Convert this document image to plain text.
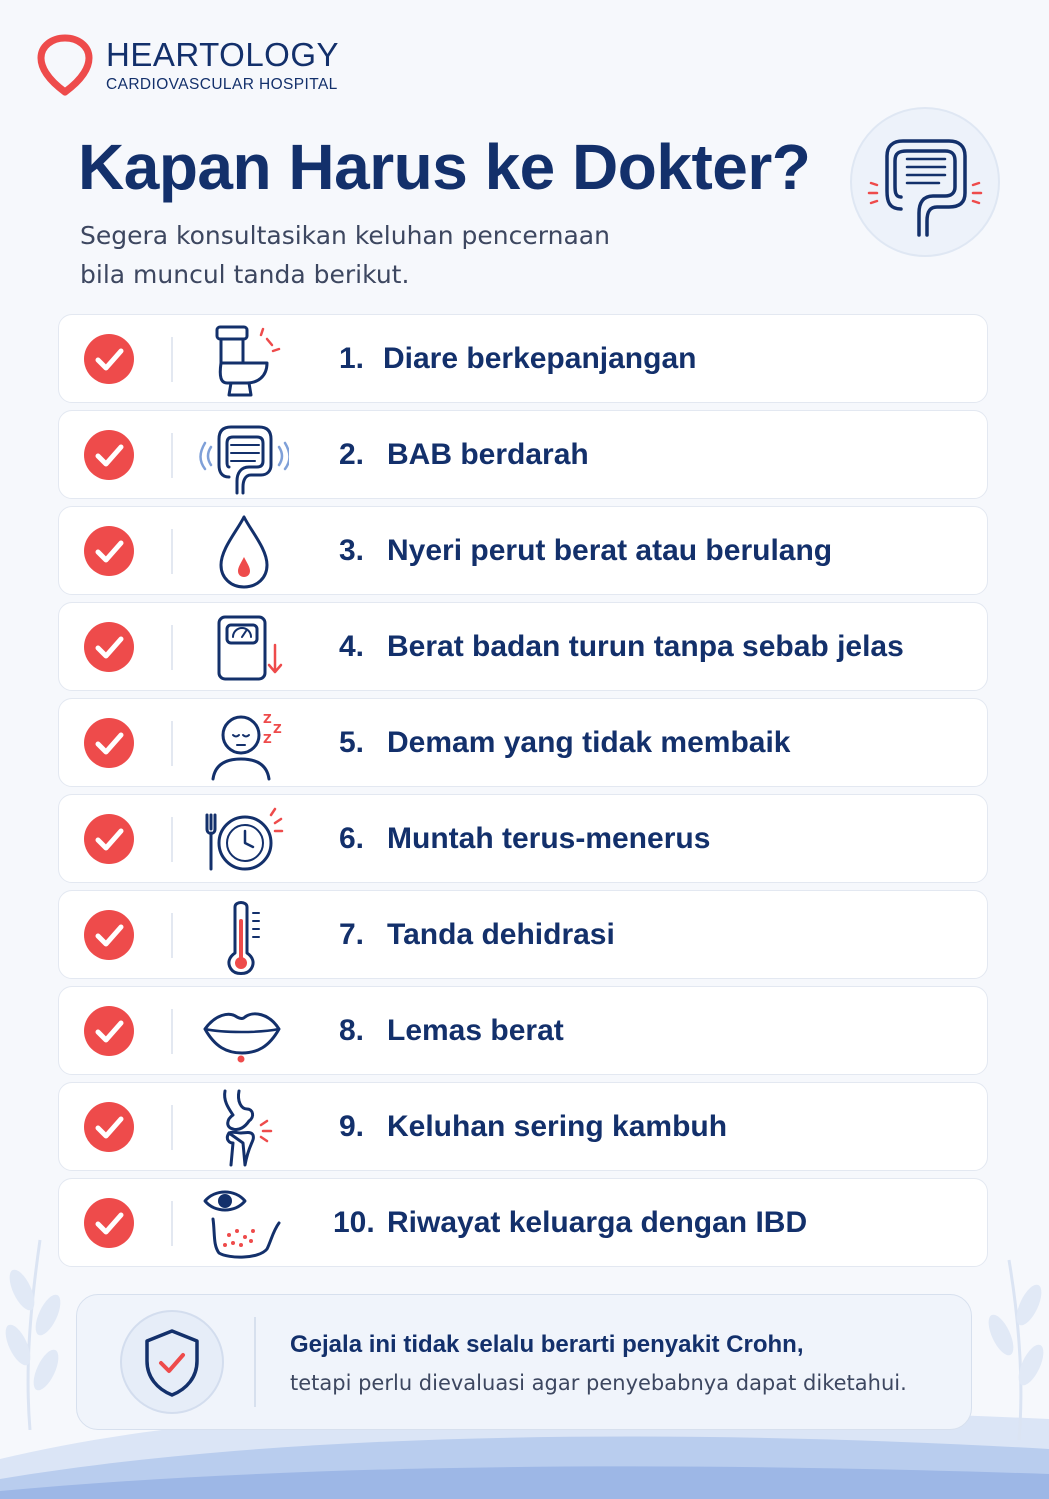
HEARTOLOGY
CARDIOVASCULAR HOSPITAL
Kapan Harus ke Dokter?
Segera konsultasikan keluhan pencernaan bila muncul tanda berikut.
1. Diare berkepanjangan
2. BAB berdarah
3. Nyeri perut berat atau berulang
4. Berat badan turun tanpa sebab jelas
Z
Z
Z 5. Demam yang tidak membaik
6. Muntah terus-menerus
7. Tanda dehidrasi
8. Lemas berat
9. Keluhan sering kambuh
10. Riwayat keluarga dengan IBD
Gejala ini tidak selalu berarti penyakit Crohn,
tetapi perlu dievaluasi agar penyebabnya dapat diketahui.
